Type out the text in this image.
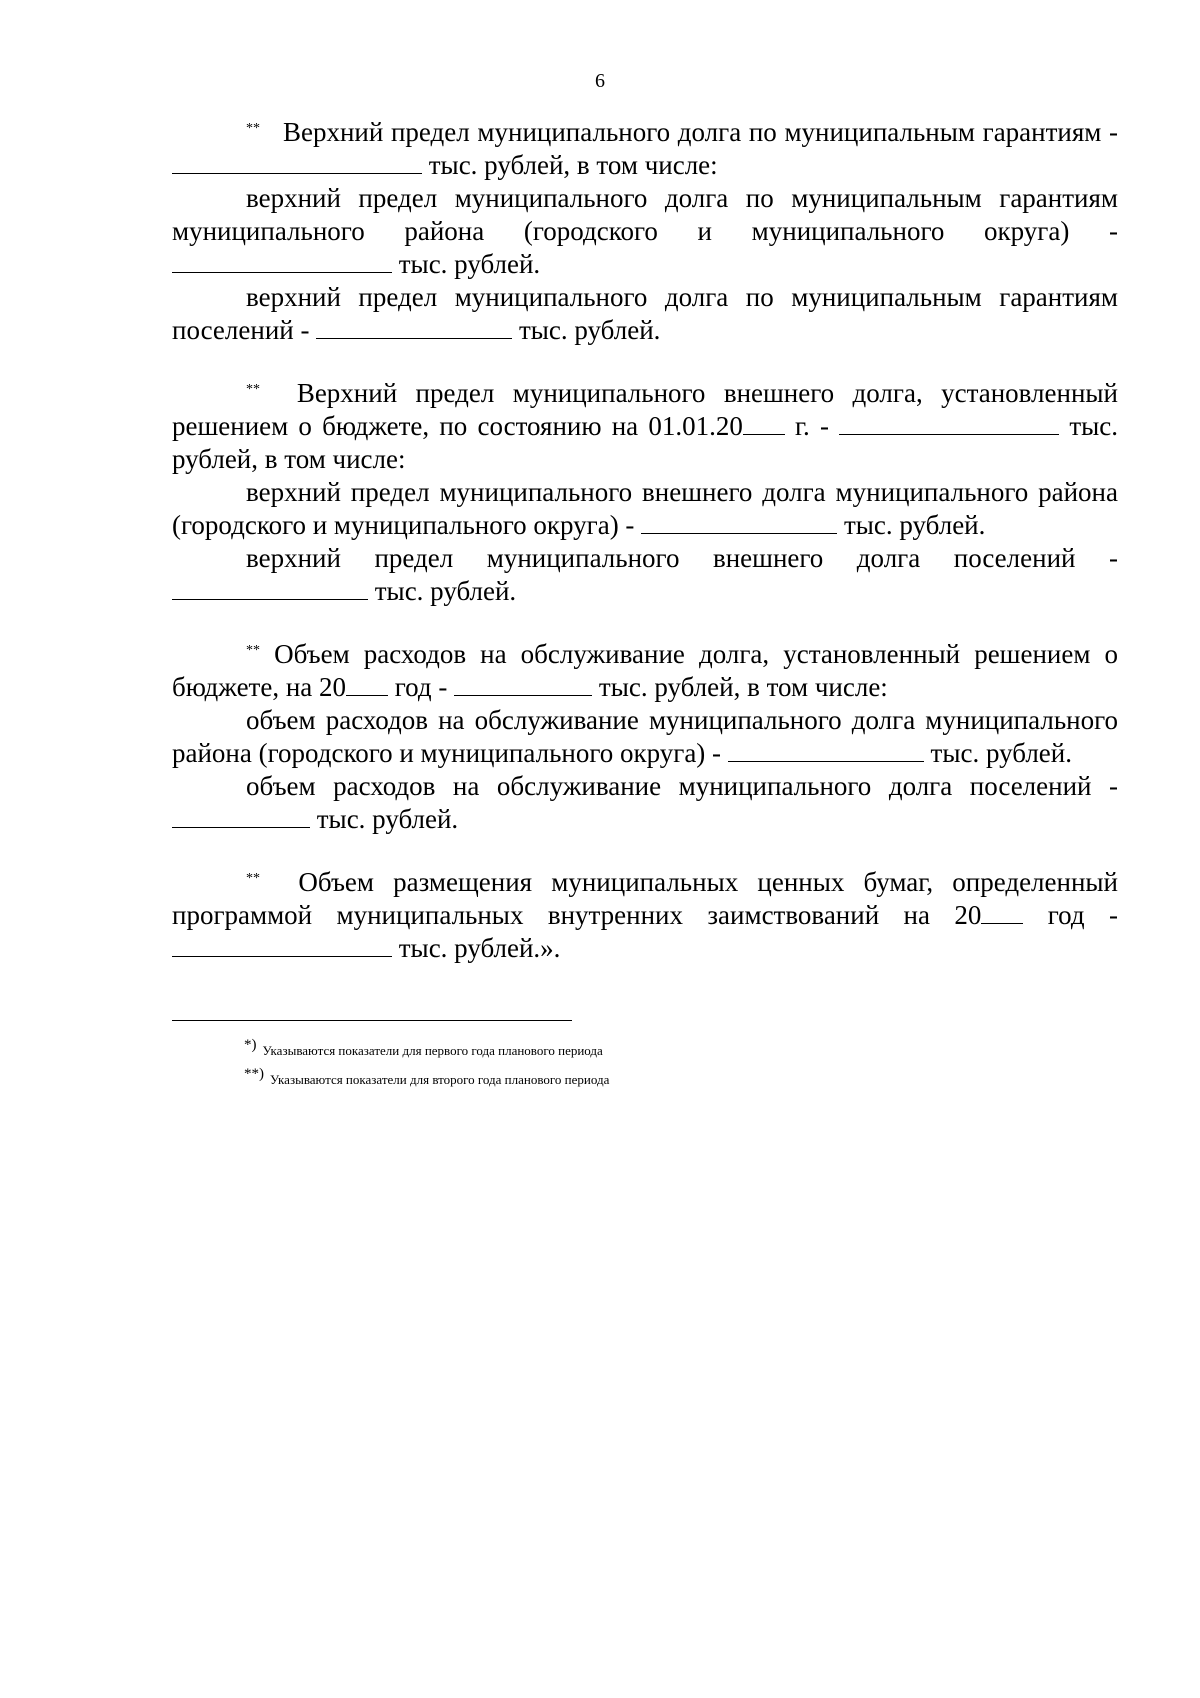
6

** Верхний предел муниципального долга по муниципальным гарантиям -  тыс. рублей, в том числе:

верхний предел муниципального долга по муниципальным гарантиям муниципального района (городского и муниципального округа) -  тыс. рублей.

верхний предел муниципального долга по муниципальным гарантиям поселений -	тыс. рублей.

** Верхний предел муниципального внешнего долга, установленный решением о бюджете, по состоянию на 01.01.20 г. -	тыс. рублей, в том числе:

верхний предел муниципального внешнего долга муниципального района (городского и муниципального округа) -	тыс. рублей.

верхний предел муниципального внешнего долга поселений -  тыс. рублей.

** Объем расходов на обслуживание долга, установленный решением о бюджете, на 20 год -	тыс. рублей, в том числе:

объем расходов на обслуживание муниципального долга муниципального района (городского и муниципального округа) -	тыс. рублей.

объем расходов на обслуживание муниципального долга поселений -  тыс. рублей.

** Объем размещения муниципальных ценных бумаг, определенный программой муниципальных внутренних заимствований на 20 год -  тыс. рублей.».

*) Указываются показатели для первого года планового периода
**) Указываются показатели для второго года планового периода
